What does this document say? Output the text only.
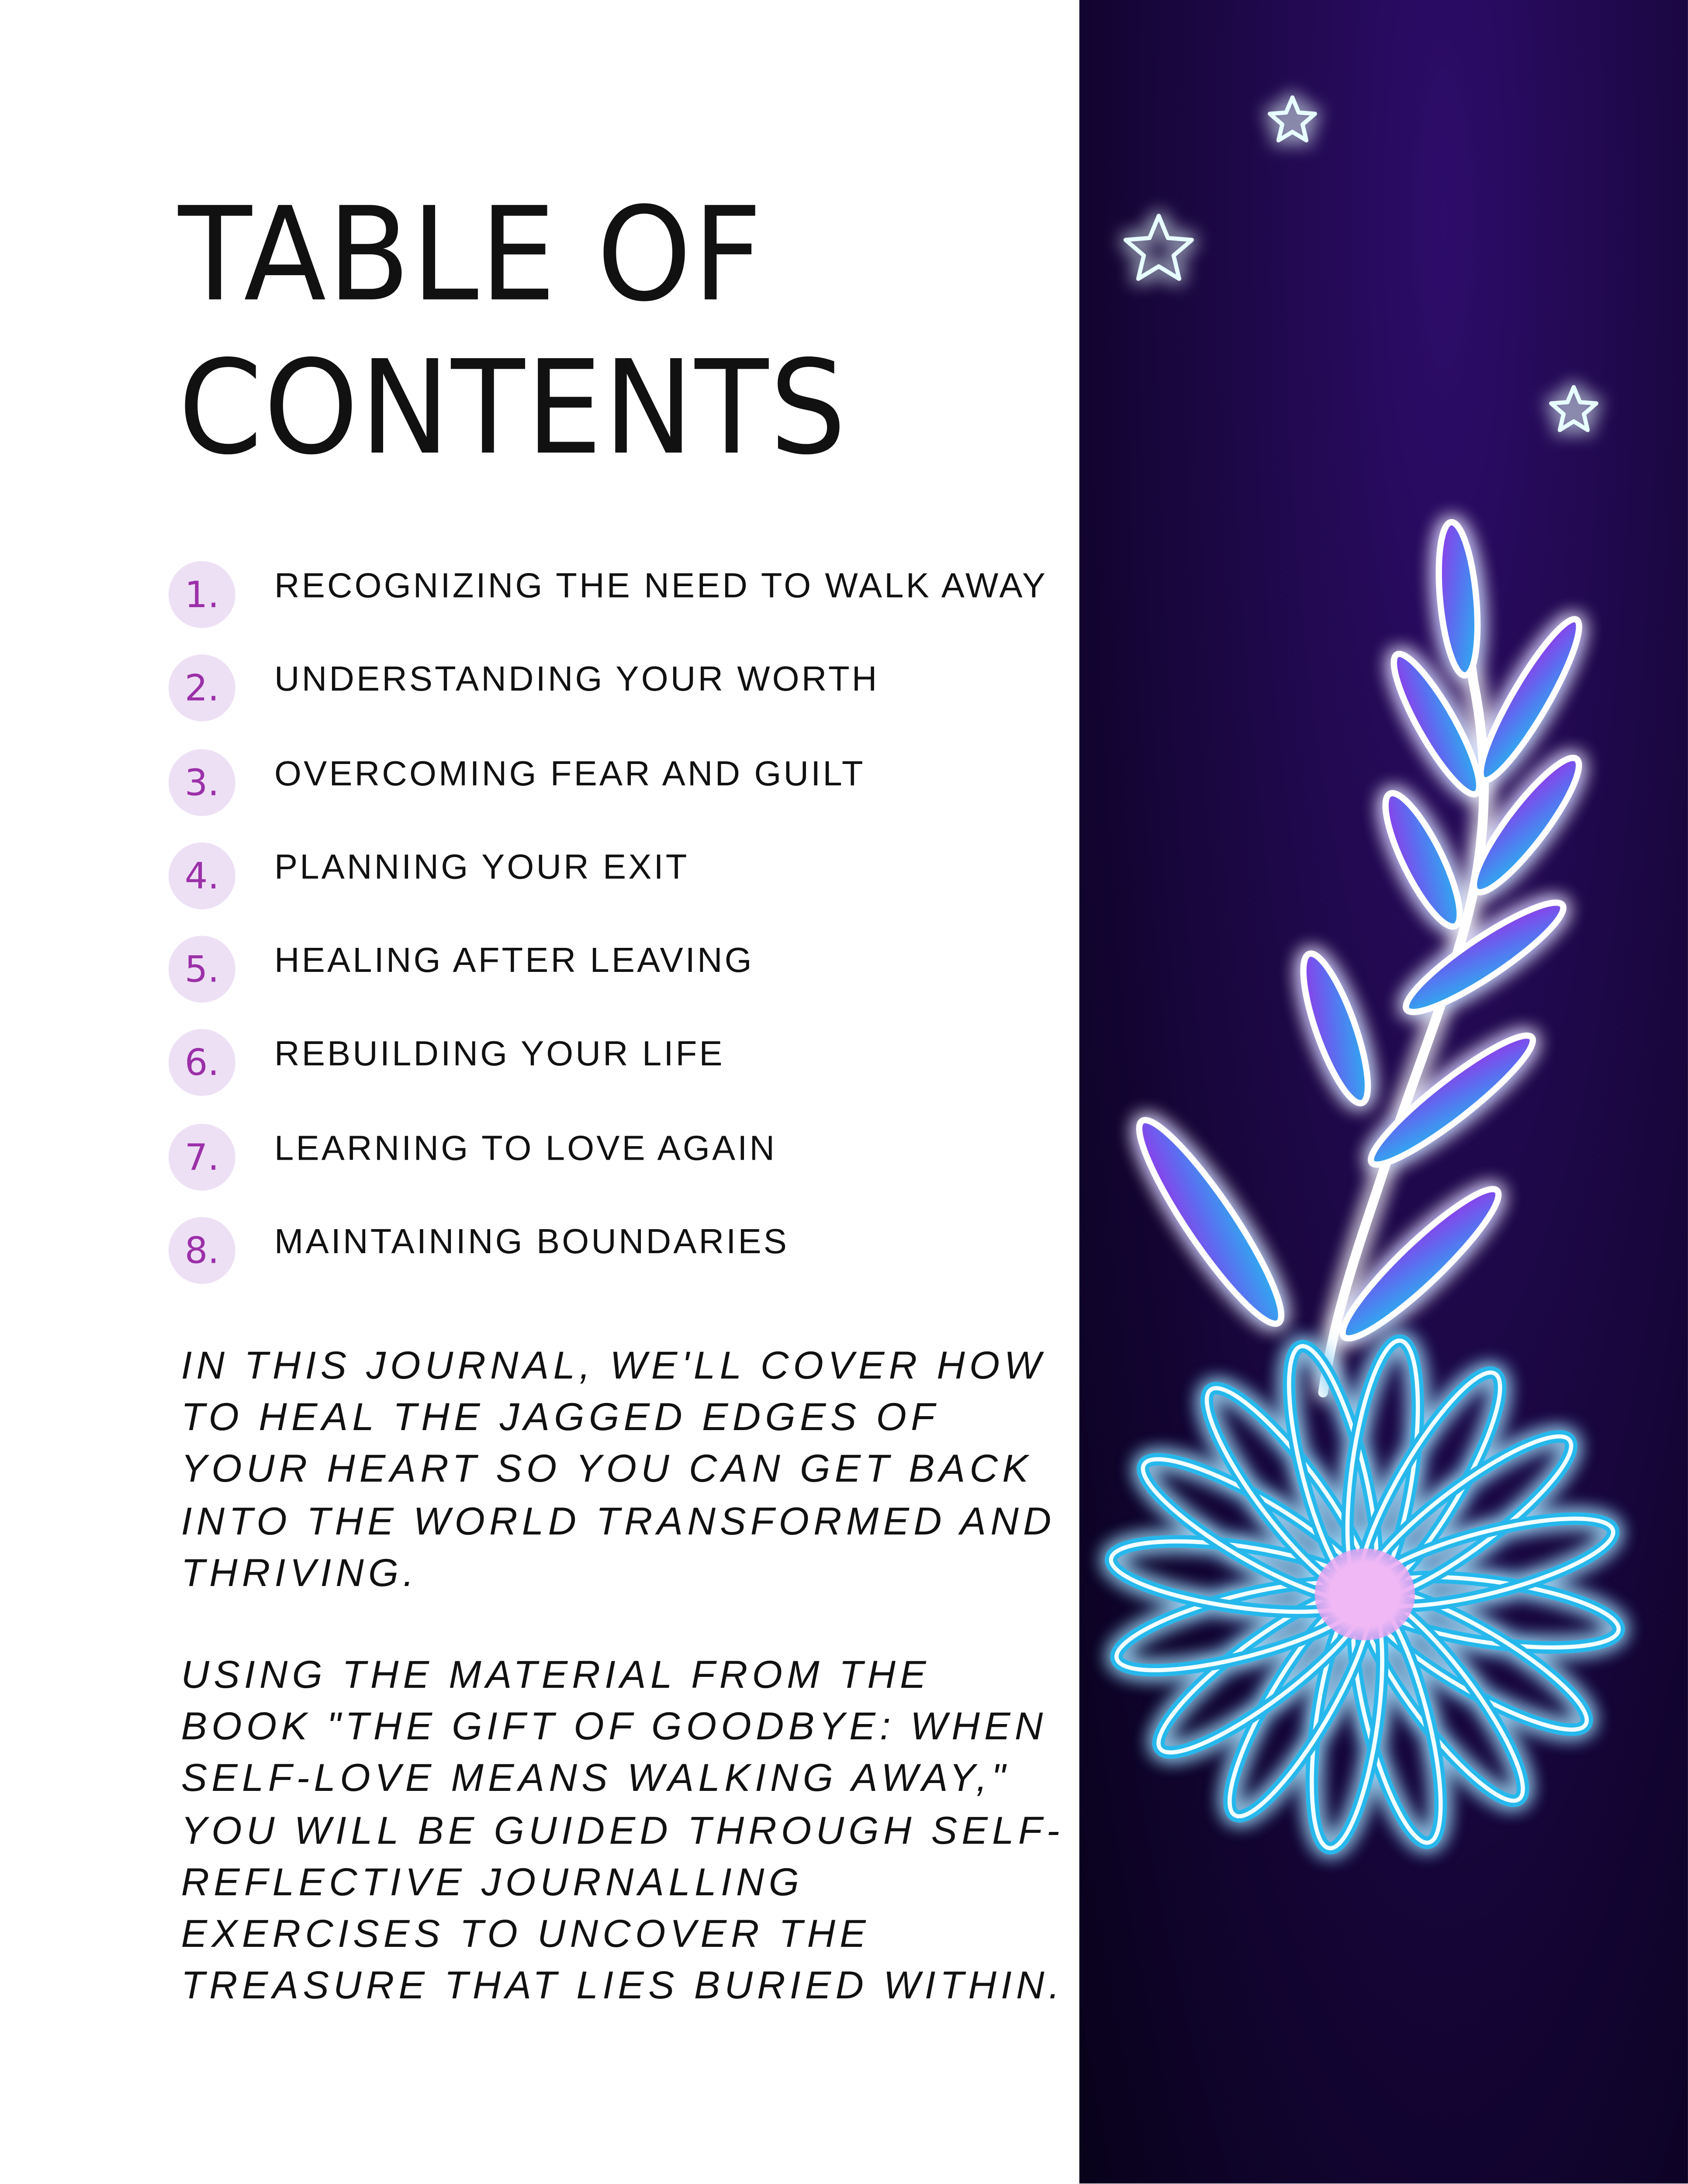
TABLE OF
CONTENTS
1.	RECOGNIZING THE NEED TO WALK AWAY
2.	UNDERSTANDING YOUR WORTH
3.	OVERCOMING FEAR AND GUILT
4.	PLANNING YOUR EXIT
5.	HEALING AFTER LEAVING
6.	REBUILDING YOUR LIFE
7.	LEARNING TO LOVE AGAIN
8.	MAINTAINING BOUNDARIES
IN THIS JOURNAL, WE'LL COVER HOW TO HEAL THE JAGGED EDGES OF YOUR HEART SO YOU CAN GET BACK INTO THE WORLD TRANSFORMED AND THRIVING.
USING THE MATERIAL FROM THE BOOK "THE GIFT OF GOODBYE: WHEN SELF-LOVE MEANS WALKING AWAY," YOU WILL BE GUIDED THROUGH SELF-REFLECTIVE JOURNALLING EXERCISES TO UNCOVER THE TREASURE THAT LIES BURIED WITHIN.
